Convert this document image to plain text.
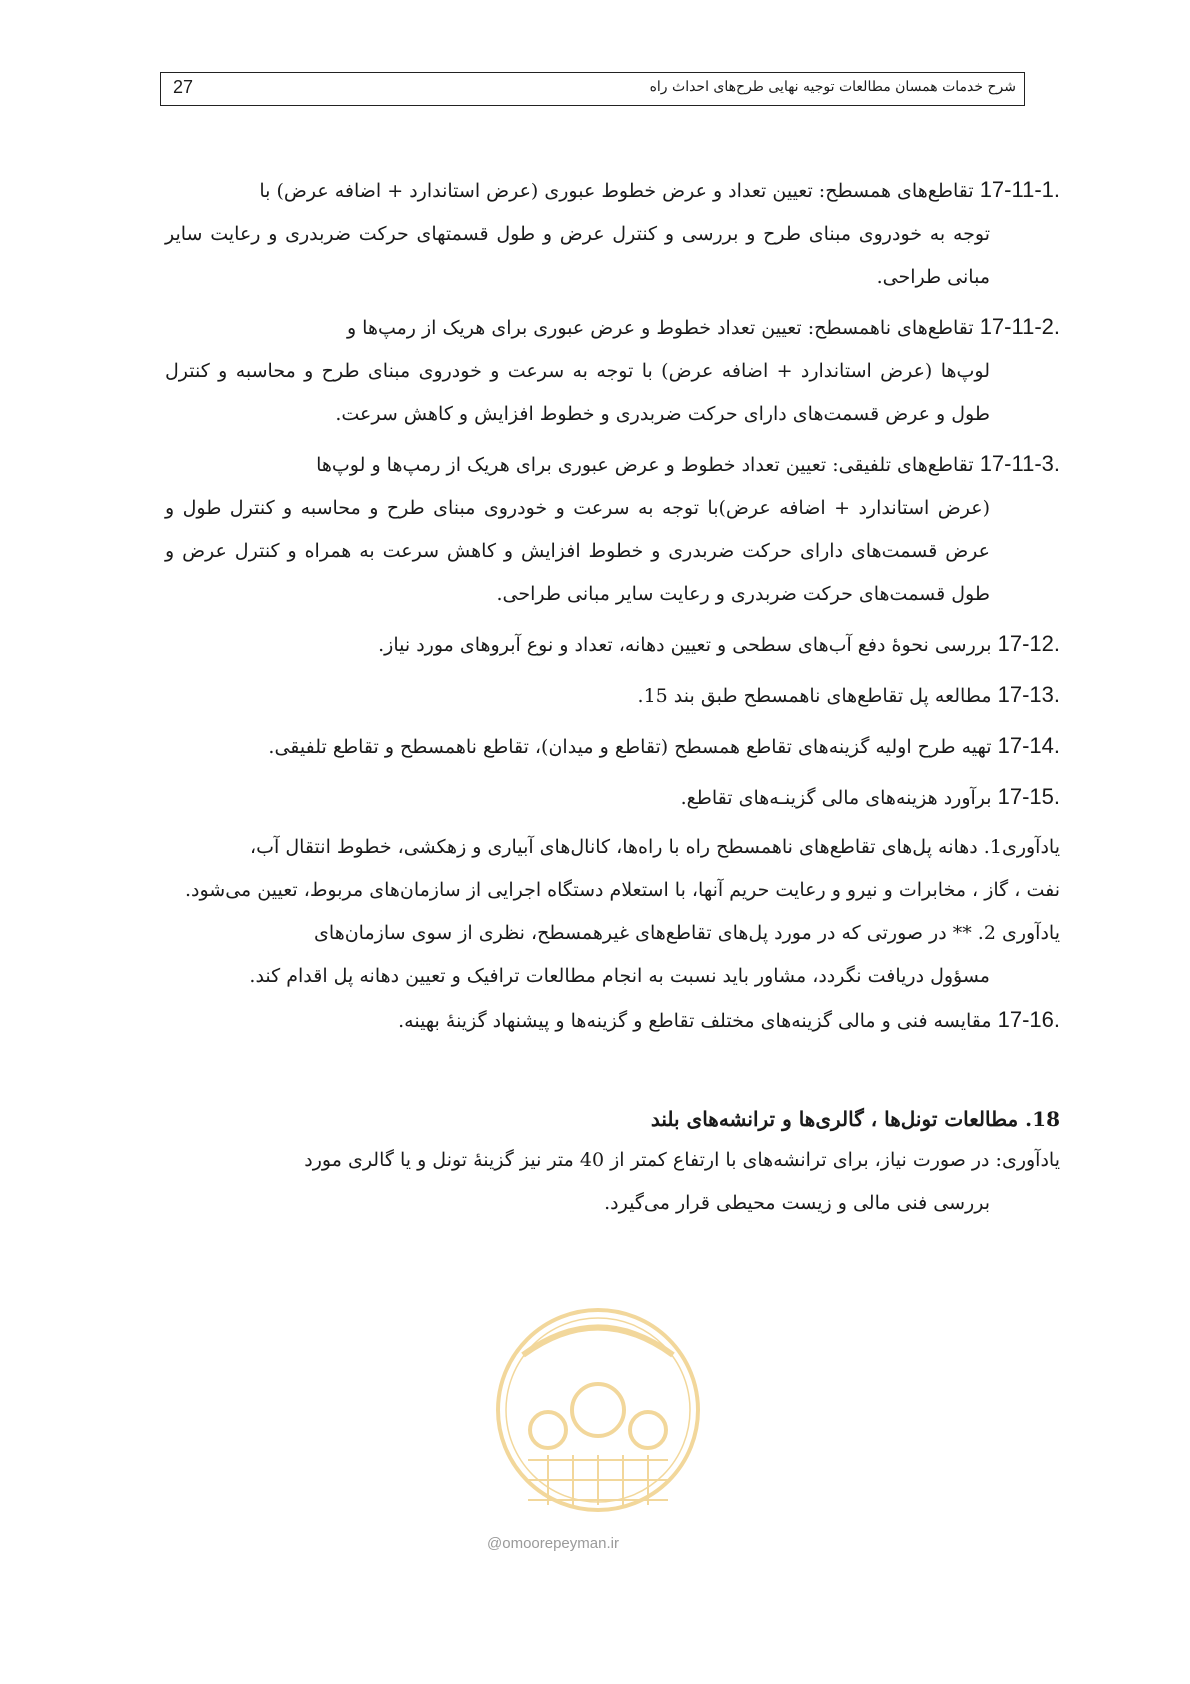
27	شرح خدمات همسان مطالعات توجیه نهایی طرح‌های احداث راه
17-11-1. تقاطع‌های همسطح: تعیین تعداد و عرض خطوط عبوری (عرض استاندارد + اضافه عرض) با
توجه به خودروی مبنای طرح و بررسی و کنترل عرض و طول قسمتهای حرکت ضربدری و رعایت سایر مبانی طراحی.
17-11-2. تقاطع‌های ناهمسطح: تعیین تعداد خطوط و عرض عبوری برای هریک از رمپ‌ها و
لوپ‌ها (عرض استاندارد + اضافه عرض) با توجه به سرعت و خودروی مبنای طرح و محاسبه و کنترل طول و عرض قسمت‌های دارای حرکت ضربدری و خطوط افزایش و کاهش سرعت.
17-11-3. تقاطع‌های تلفیقی: تعیین تعداد خطوط و عرض عبوری برای هریک از رمپ‌ها و لوپ‌ها
(عرض استاندارد + اضافه عرض)با توجه به سرعت و خودروی مبنای طرح و محاسبه و کنترل طول و عرض قسمت‌های دارای حرکت ضربدری و خطوط افزایش و کاهش سرعت به همراه و کنترل عرض و طول قسمت‌های حرکت ضربدری و رعایت سایر مبانی طراحی.
17-12. بررسی نحوهٔ دفع آب‌های سطحی و تعیین دهانه، تعداد و نوع آبروهای مورد نیاز.
17-13. مطالعه پل تقاطع‌های ناهمسطح طبق بند 15.
17-14. تهیه طرح اولیه گزینه‌های تقاطع همسطح (تقاطع و میدان)، تقاطع ناهمسطح و تقاطع تلفیقی.
17-15. برآورد هزینه‌های مالی گزینـه‌های تقاطع.
یادآوری1. دهانه پل‌های تقاطع‌های ناهمسطح راه با راه‌ها، کانال‌های آبیاری و زهکشی، خطوط انتقال آب،
نفت ، گاز ، مخابرات و نیرو و رعایت حریم آنها، با استعلام دستگاه اجرایی از سازمان‌های مربوط، تعیین می‌شود.
یادآوری 2. ** در صورتی که در مورد پل‌های تقاطع‌های غیرهمسطح، نظری از سوی سازمان‌های
مسؤول دریافت نگردد، مشاور باید نسبت به انجام مطالعات ترافیک و تعیین دهانه پل اقدام کند.
17-16. مقایسه فنی و مالی گزینه‌های مختلف تقاطع و گزینه‌ها و پیشنهاد گزینهٔ بهینه.
18. مطالعات تونل‌ها ، گالری‌ها و ترانشه‌های بلند
یادآوری: در صورت نیاز، برای ترانشه‌های با ارتفاع کمتر از 40 متر نیز گزینهٔ تونل و یا گالری مورد
بررسی فنی مالی و زیست محیطی قرار می‌گیرد.
@omoorepeyman.ir
